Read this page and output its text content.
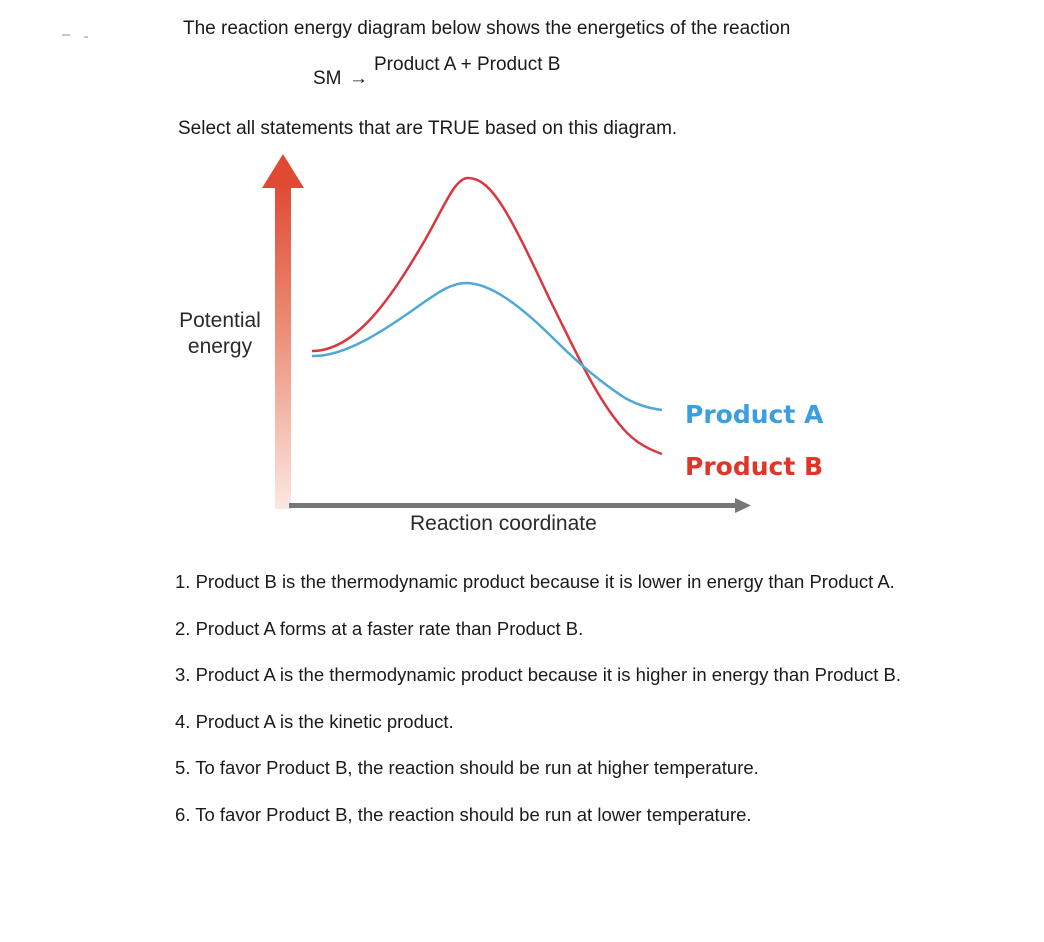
The reaction energy diagram below shows the energetics of the reaction
Product A + Product B
SM →
Select all statements that are TRUE based on this diagram.
Potential energy
Reaction coordinate
Product A
Product B
1. Product B is the thermodynamic product because it is lower in energy than Product A.
2. Product A forms at a faster rate than Product B.
3. Product A is the thermodynamic product because it is higher in energy than Product B.
4. Product A is the kinetic product.
5. To favor Product B, the reaction should be run at higher temperature.
6. To favor Product B, the reaction should be run at lower temperature.
